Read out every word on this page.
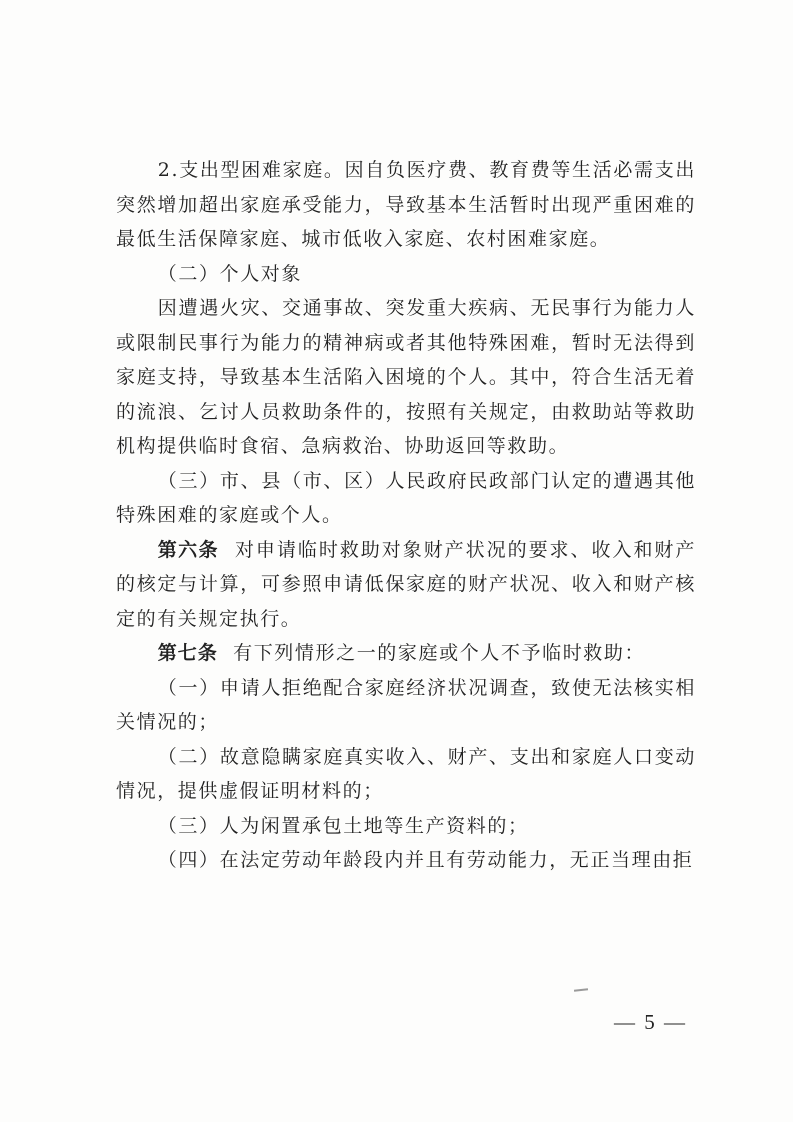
2.支出型困难家庭。因自负医疗费、教育费等生活必需支出突然增加超出家庭承受能力，导致基本生活暂时出现严重困难的最低生活保障家庭、城市低收入家庭、农村困难家庭。

（二）个人对象

因遭遇火灾、交通事故、突发重大疾病、无民事行为能力人或限制民事行为能力的精神病或者其他特殊困难，暂时无法得到家庭支持，导致基本生活陷入困境的个人。其中，符合生活无着的流浪、乞讨人员救助条件的，按照有关规定，由救助站等救助机构提供临时食宿、急病救治、协助返回等救助。

（三）市、县（市、区）人民政府民政部门认定的遭遇其他特殊困难的家庭或个人。

第六条 对申请临时救助对象财产状况的要求、收入和财产的核定与计算，可参照申请低保家庭的财产状况、收入和财产核定的有关规定执行。

第七条 有下列情形之一的家庭或个人不予临时救助：

（一）申请人拒绝配合家庭经济状况调查，致使无法核实相关情况的；

（二）故意隐瞒家庭真实收入、财产、支出和家庭人口变动情况，提供虚假证明材料的；

（三）人为闲置承包土地等生产资料的；

（四）在法定劳动年龄段内并且有劳动能力，无正当理由拒

— 5 —
